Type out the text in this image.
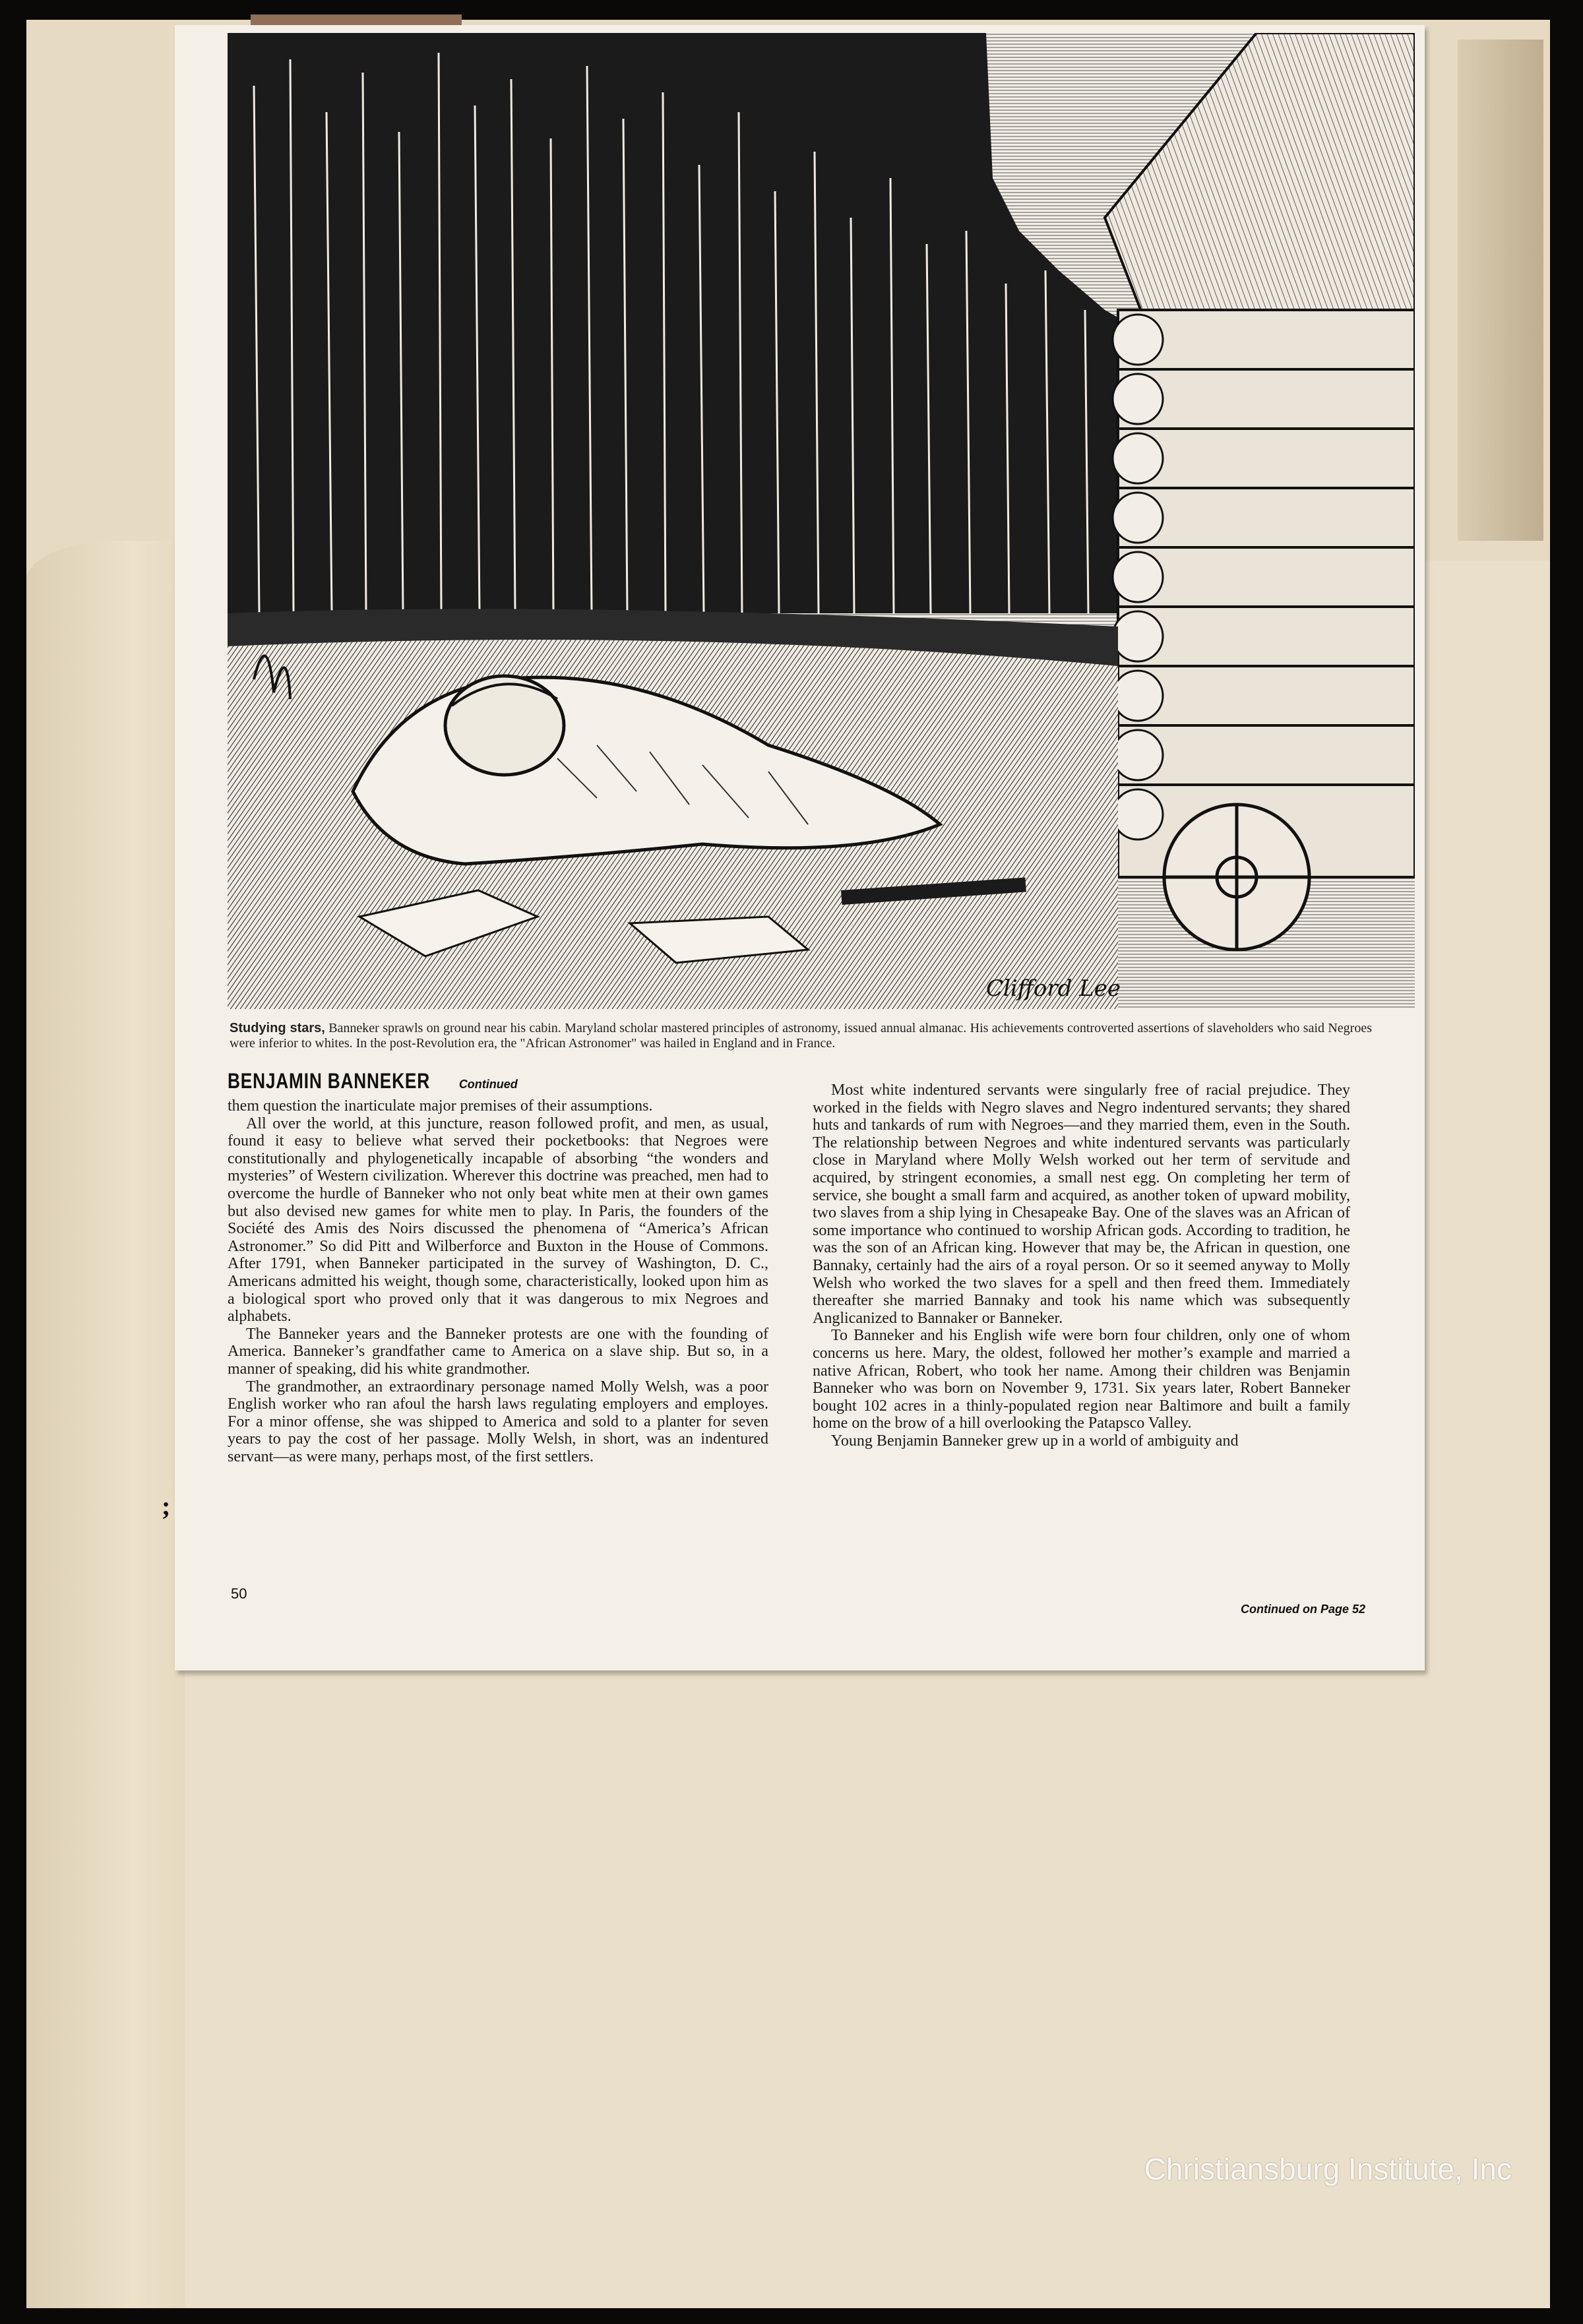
Clifford Lee
Studying stars, Banneker sprawls on ground near his cabin. Maryland scholar mastered principles of astronomy, issued annual almanac. His achievements controverted assertions of slaveholders who said Negroes were inferior to whites. In the post-Revolution era, the "African Astronomer" was hailed in England and in France.
BENJAMIN BANNEKER Continued

them question the inarticulate major premises of their assumptions.

All over the world, at this juncture, reason followed profit, and men, as usual, found it easy to believe what served their pocketbooks: that Negroes were constitutionally and phylogenetically incapable of absorbing “the wonders and mysteries” of Western civilization. Wherever this doctrine was preached, men had to overcome the hurdle of Banneker who not only beat white men at their own games but also devised new games for white men to play. In Paris, the founders of the Société des Amis des Noirs discussed the phenomena of “America’s African Astronomer.” So did Pitt and Wilberforce and Buxton in the House of Commons. After 1791, when Banneker participated in the survey of Washington, D. C., Americans admitted his weight, though some, characteristically, looked upon him as a biological sport who proved only that it was dangerous to mix Negroes and alphabets.

The Banneker years and the Banneker protests are one with the founding of America. Banneker’s grandfather came to America on a slave ship. But so, in a manner of speaking, did his white grandmother.

The grandmother, an extraordinary personage named Molly Welsh, was a poor English worker who ran afoul the harsh laws regulating employers and employes. For a minor offense, she was shipped to America and sold to a planter for seven years to pay the cost of her passage. Molly Welsh, in short, was an indentured servant—as were many, perhaps most, of the first settlers.

Most white indentured servants were singularly free of racial prejudice. They worked in the fields with Negro slaves and Negro indentured servants; they shared huts and tankards of rum with Negroes—and they married them, even in the South. The relationship between Negroes and white indentured servants was particularly close in Maryland where Molly Welsh worked out her term of servitude and acquired, by stringent economies, a small nest egg. On completing her term of service, she bought a small farm and acquired, as another token of upward mobility, two slaves from a ship lying in Chesapeake Bay. One of the slaves was an African of some importance who continued to worship African gods. According to tradition, he was the son of an African king. However that may be, the African in question, one Bannaky, certainly had the airs of a royal person. Or so it seemed anyway to Molly Welsh who worked the two slaves for a spell and then freed them. Immediately thereafter she married Bannaky and took his name which was subsequently Anglicanized to Bannaker or Banneker.

To Banneker and his English wife were born four children, only one of whom concerns us here. Mary, the oldest, followed her mother’s example and married a native African, Robert, who took her name. Among their children was Benjamin Banneker who was born on November 9, 1731. Six years later, Robert Banneker bought 102 acres in a thinly-populated region near Baltimore and built a family home on the brow of a hill overlooking the Patapsco Valley.

Young Benjamin Banneker grew up in a world of ambiguity and

;
50
Continued on Page 52
Christiansburg Institute, Inc
